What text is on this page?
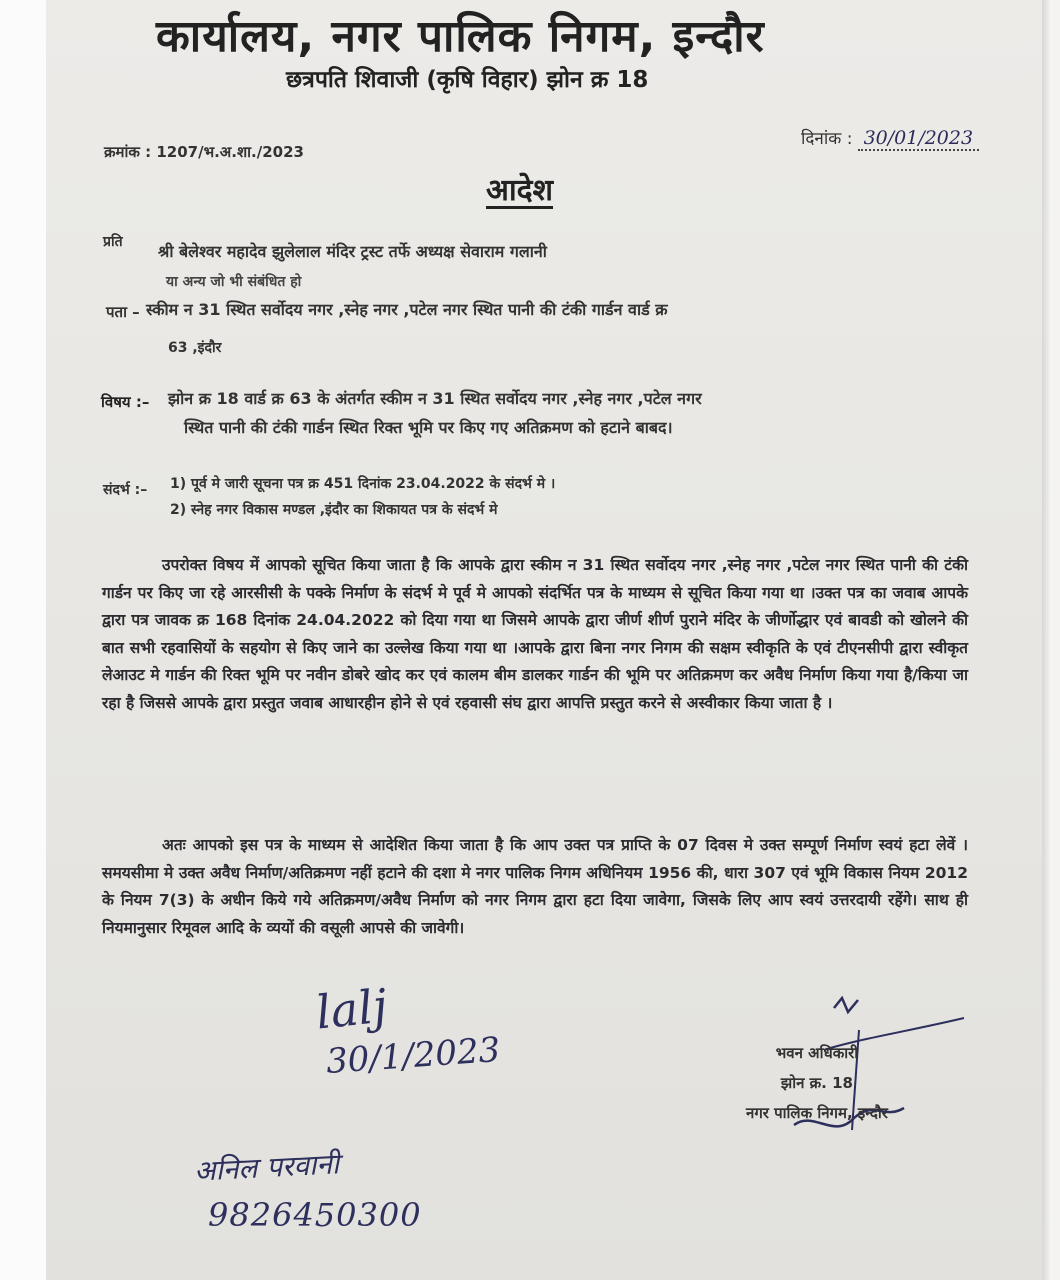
कार्यालय, नगर पालिक निगम, इन्दौर
छत्रपति शिवाजी (कृषि विहार) झोन क्र 18
क्रमांक : 1207/भ.अ.शा./2023
दिनांक : 30/01/2023
आदेश
प्रति श्री बेलेश्वर महादेव झुलेलाल मंदिर ट्रस्ट तर्फे अध्यक्ष सेवाराम गलानी
या अन्य जो भी संबंधित हो
पता – स्कीम न 31 स्थित सर्वोदय नगर ,स्नेह नगर ,पटेल नगर स्थित पानी की टंकी गार्डन वार्ड क्र
63 ,इंदौर
विषय :– झोन क्र 18 वार्ड क्र 63 के अंतर्गत स्कीम न 31 स्थित सर्वोदय नगर ,स्नेह नगर ,पटेल नगर
स्थित पानी की टंकी गार्डन स्थित रिक्त भूमि पर किए गए अतिक्रमण को हटाने बाबद।
संदर्भ :– 1) पूर्व मे जारी सूचना पत्र क्र 451 दिनांक 23.04.2022 के संदर्भ मे ।
2) स्नेह नगर विकास मण्डल ,इंदौर का शिकायत पत्र के संदर्भ मे
उपरोक्त विषय में आपको सूचित किया जाता है कि आपके द्वारा स्कीम न 31 स्थित सर्वोदय नगर ,स्नेह नगर ,पटेल नगर स्थित पानी की टंकी गार्डन पर किए जा रहे आरसीसी के पक्के निर्माण के संदर्भ मे पूर्व मे आपको संदर्भित पत्र के माध्यम से सूचित किया गया था ।उक्त पत्र का जवाब आपके द्वारा पत्र जावक क्र 168 दिनांक 24.04.2022 को दिया गया था जिसमे आपके द्वारा जीर्ण शीर्ण पुराने मंदिर के जीर्णोद्धार एवं बावडी को खोलने की बात सभी रहवासियों के सहयोग से किए जाने का उल्लेख किया गया था ।आपके द्वारा बिना नगर निगम की सक्षम स्वीकृति के एवं टीएनसीपी द्वारा स्वीकृत लेआउट मे गार्डन की रिक्त भूमि पर नवीन डोबरे खोद कर एवं कालम बीम डालकर गार्डन की भूमि पर अतिक्रमण कर अवैध निर्माण किया गया है/किया जा रहा है जिससे आपके द्वारा प्रस्तुत जवाब आधारहीन होने से एवं रहवासी संघ द्वारा आपत्ति प्रस्तुत करने से अस्वीकार किया जाता है ।
अतः आपको इस पत्र के माध्यम से आदेशित किया जाता है कि आप उक्त पत्र प्राप्ति के 07 दिवस मे उक्त सम्पूर्ण निर्माण स्वयं हटा लेवें । समयसीमा मे उक्त अवैध निर्माण/अतिक्रमण नहीं हटाने की दशा मे नगर पालिक निगम अधिनियम 1956 की, धारा 307 एवं भूमि विकास नियम 2012 के नियम 7(3) के अधीन किये गये अतिक्रमण/अवैध निर्माण को नगर निगम द्वारा हटा दिया जावेगा, जिसके लिए आप स्वयं उत्तरदायी रहेंगे। साथ ही नियमानुसार रिमूवल आदि के व्ययों की वसूली आपसे की जावेगी।
lalj
30/1/2023
अनिल परवानी
9826450300
भवन अधिकारी
झोन क्र. 18
नगर पालिक निगम, इन्दौर
